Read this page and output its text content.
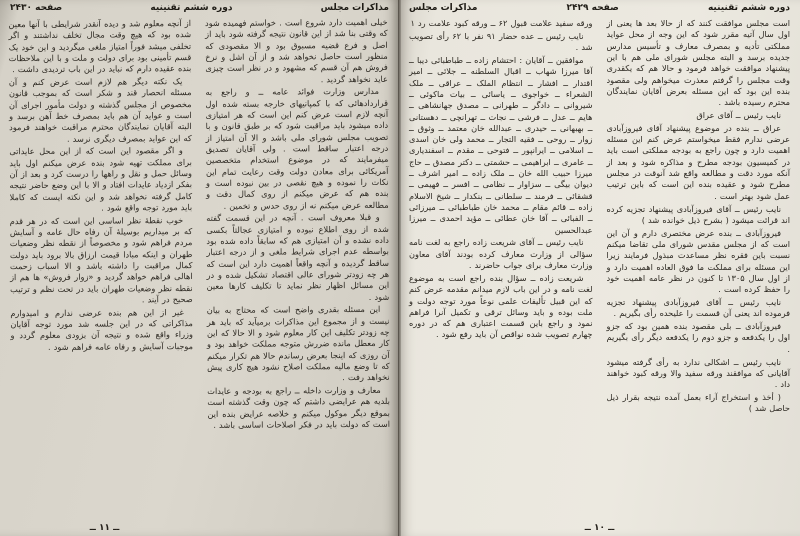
مذاکرات مجلس
دوره ششم تقنینیه
صفحه ۲۴۳۰

خیلی اهمیت دارد شروع است . خواستم فهمیده شود که وقتی بنا شد از این قانون نتیجه گرفته شود باید از اصل و فرع قضیه مسبوق بود و الا مقصودی که منظور است حاصل نخواهد شد و از آن اشل و نرخ فروش هم آن قسم که مشهود و در نظر است چیزی عاید نخواهد گردید .

مدارس وزارت فوائد عامه ــ و راجع به قراردادهائی که با کمپانیهای خارجه بسته شده اول آنچه لازم است عرض کنم این است که هر امتیازی داده میشود باید مراقبت شود که بر طبق قانون و با تصویب مجلس شورای ملی باشد و الا آن امتیاز از درجه اعتبار ساقط است . ولی آقایان تصدیق میفرمایند که در موضوع استخدام متخصصین آمریکائی برای معادن دولت وقت رعایت تمام این نکات را نموده و هیچ نقصی در بین نبوده است و بنده هم که عرض میکنم از روی کمال دقت و مطالعه عرض میکنم نه از روی حدس و تخمین .

و قبلا معروف است . آنچه در این قسمت گفته شده از روی اطلاع نبوده و امتیازی عجالتاً بکسی داده نشده و آن امتیازی هم که سابقاً داده شده بود بواسطه عدم اجرای شرایط ملغی و از درجه اعتبار ساقط گردیده و آنچه واقعاً اهمیت دارد این است که هر چه زودتر شورای عالی اقتصاد تشکیل شده و در این مسائل اظهار نظر نماید تا تکلیف کارها معین شود .

این مسئله بقدری واضح است که محتاج به بیان نیست و از مجموع این مذاکرات برمیآید که باید هر چه زودتر تکلیف این کار معلوم شود و الا حالا که این کار معطل مانده ضررش متوجه مملکت خواهد بود و آن روزی که اینجا بعرض رساندم حالا هم تکرار میکنم که تا وضع مالیه مملکت اصلاح نشود هیچ کاری پیش نخواهد رفت .

معارف و وزارت داخله ــ راجع به بودجه و عایدات بلدیه هم عرایضی داشتم که چون وقت گذشته است بموقع دیگر موکول میکنم و خلاصه عرایض بنده این است که دولت باید در فکر اصلاحات اساسی باشد .

از آنچه معلوم شد و دیده آنقدر شرایطی با آنها معین شده بود که هیچ وقت مجال تخلف نداشتند و اگر تخلفی میشد فوراً امتیاز ملغی میگردید و این خود یک قسم تأمینی بود برای دولت و ملت و با این ملاحظات بنده عقیده دارم که نباید در این باب تردیدی داشت .

یک نکته دیگر هم لازم است عرض کنم و آن مسئله انحصار قند و شکر است که بموجب قانون مخصوص از مجلس گذشته و دولت مأمور اجرای آن است و عواید آن هم باید بمصرف خط آهن برسد و البته آقایان نمایندگان محترم مراقبت خواهند فرمود که این عواید بمصرف دیگری نرسد .

و اگر مقصود این است که از این محل عایداتی برای مملکت تهیه شود بنده عرض میکنم اول باید وسائل حمل و نقل و راهها را درست کرد و بعد از آن بفکر ازدیاد عایدات افتاد و الا با این وضع حاضر نتیجه کامل گرفته نخواهد شد و این نکته ایست که کاملا باید مورد توجه واقع شود .

خوب نقطهٔ نظر اساسی این است که در هر قدم که بر میداریم بوسیلهٔ آن رفاه حال عامه و آسایش مردم فراهم شود و مخصوصاً از نقطه نظر وضعیات طهران و اینکه مبادا قیمت ارزاق بالا برود باید دولت کمال مراقبت را داشته باشد و الا اسباب زحمت اهالی فراهم خواهد گردید و «زوار فروش» ها هم از نقطه نظر وضعیات طهران باید در تحت نظم و ترتیب صحیح در آیند .

غیر از این هم بنده عرضی ندارم و امیدوارم مذاکراتی که در این جلسه شد مورد توجه آقایان وزراء واقع شده و نتیجه آن بزودی معلوم گردد و موجبات آسایش و رفاه عامه فراهم شود .

ــ ۱۱ ــ
دوره ششم تقنینیه
صفحه ۲۴۲۹
مذاکرات مجلس

است مجلس موافقت کنند که از حالا بعد ها یعنی از اول سال آتیه مقرر شود که این وجه از محل عواید مملکتی تأدیه و بمصرف معارف و تأسیس مدارس جدیده برسد و البته مجلس شورای ملی هم با این پیشنهاد موافقت خواهد فرمود و حالا هم که یکقدری وقت مجلس را گرفتم معذرت میخواهم ولی مقصود بنده این بود که این مسئله بعرض آقایان نمایندگان محترم رسیده باشد .

نایب رئیس ــ آقای عراق

عراق ــ بنده در موضوع پیشنهاد آقای فیروزآبادی عرضی ندارم فقط میخواستم عرض کنم این مسئله اهمیت دارد و چون راجع به بودجه مملکتی است باید در کمیسیون بودجه مطرح و مذاکره شود و بعد از آنکه مورد دقت و مطالعه واقع شد آنوقت در مجلس مطرح شود و عقیده بنده این است که باین ترتیب عمل شود بهتر است .

نایب رئیس ــ آقای فیروزآبادی پیشنهاد تجزیه کرده اند قرائت میشود ( بشرح ذیل خوانده شد )

فیروزآبادی ــ بنده عرض مختصری دارم و آن این است که از مجلس مقدس شورای ملی تقاضا میکنم نسبت باین فقره نظر مساعدت مبذول فرمایند زیرا این مسئله برای مملکت ما فوق العاده اهمیت دارد و از اول سال ۱۳۰۵ تا کنون در نظر عامه اهمیت خود را حفظ کرده است .

نایب رئیس ــ آقای فیروزآبادی پیشنهاد تجزیه فرموده اند یعنی آن قسمت را علیحده رأی بگیریم .

فیروزآبادی ــ بلی مقصود بنده همین بود که جزو اول را یکدفعه و جزو دوم را یکدفعه دیگر رأی بگیریم .

نایب رئیس ــ اشکالی ندارد به رأی گرفته میشود آقایانی که موافقند ورقه سفید والا ورقه کبود خواهند داد .

( أخذ و استخراج آراء بعمل آمده نتیجه بقرار ذیل حاصل شد )

ورقه سفید علامت قبول ۶۲ ــ ورقه کبود علامت رد ۱

نایب رئیس ــ عده حضار ۹۱ نفر با ۶۲ رأی تصویب شد .

موافقین ــ آقایان : احتشام زاده ــ طباطبائی دیبا ــ آقا میرزا شهاب ــ اقبال السلطنه ــ جلائی ــ امیر اقتدار ــ افشار ــ انتظام الملک ــ عراقی ــ ملک الشعراء ــ خواجوی ــ یاسائی ــ بیات ماکوئی ــ شیروانی ــ دادگر ــ طهرانی ــ مصدق جهانشاهی ــ هایم ــ عدل ــ فرشی ــ نجات ــ تهرانچی ــ دهستانی ــ بهبهانی ــ حیدری ــ عبدالله خان معتمد ــ وثوق ــ زوار ــ روحی ــ فقیه التجار ــ محمد ولی خان اسدی ــ اسلامی ــ ایرانپور ــ فتوحی ــ مقدم ــ اسفندیاری ــ عامری ــ ابراهیمی ــ حشمتی ــ دکتر مصدق ــ حاج میرزا حبیب الله خان ــ ملک زاده ــ امیر اشرف ــ دیوان بیگی ــ سزاوار ــ نظامی ــ افسر ــ فهیمی ــ قشقائی ــ فرمند ــ سلطانی ــ بنکدار ــ شیخ الاسلام زاده ــ قائم مقام ــ محمد خان طباطبائی ــ میرزائی ــ الفبائی ــ آقا خان عطائی ــ مؤید احمدی ــ میرزا عبدالحسین

نایب رئیس ــ آقای شریعت زاده راجع به لغت نامه سؤالی از وزارت معارف کرده بودند آقای معاون وزارت معارف برای جواب حاضرند .

شریعت زاده ــ سؤال بنده راجع است به موضوع لغت نامه و در این باب لازم میدانم مقدمه عرض کنم که این قبیل تألیفات علمی نوعاً مورد توجه دولت و ملت بوده و باید وسائل ترقی و تکمیل آنرا فراهم نمود و راجع باین قسمت اعتباری هم که در دوره چهارم تصویب شده نواقص آن باید رفع شود .

ــ ۱۰ ــ
